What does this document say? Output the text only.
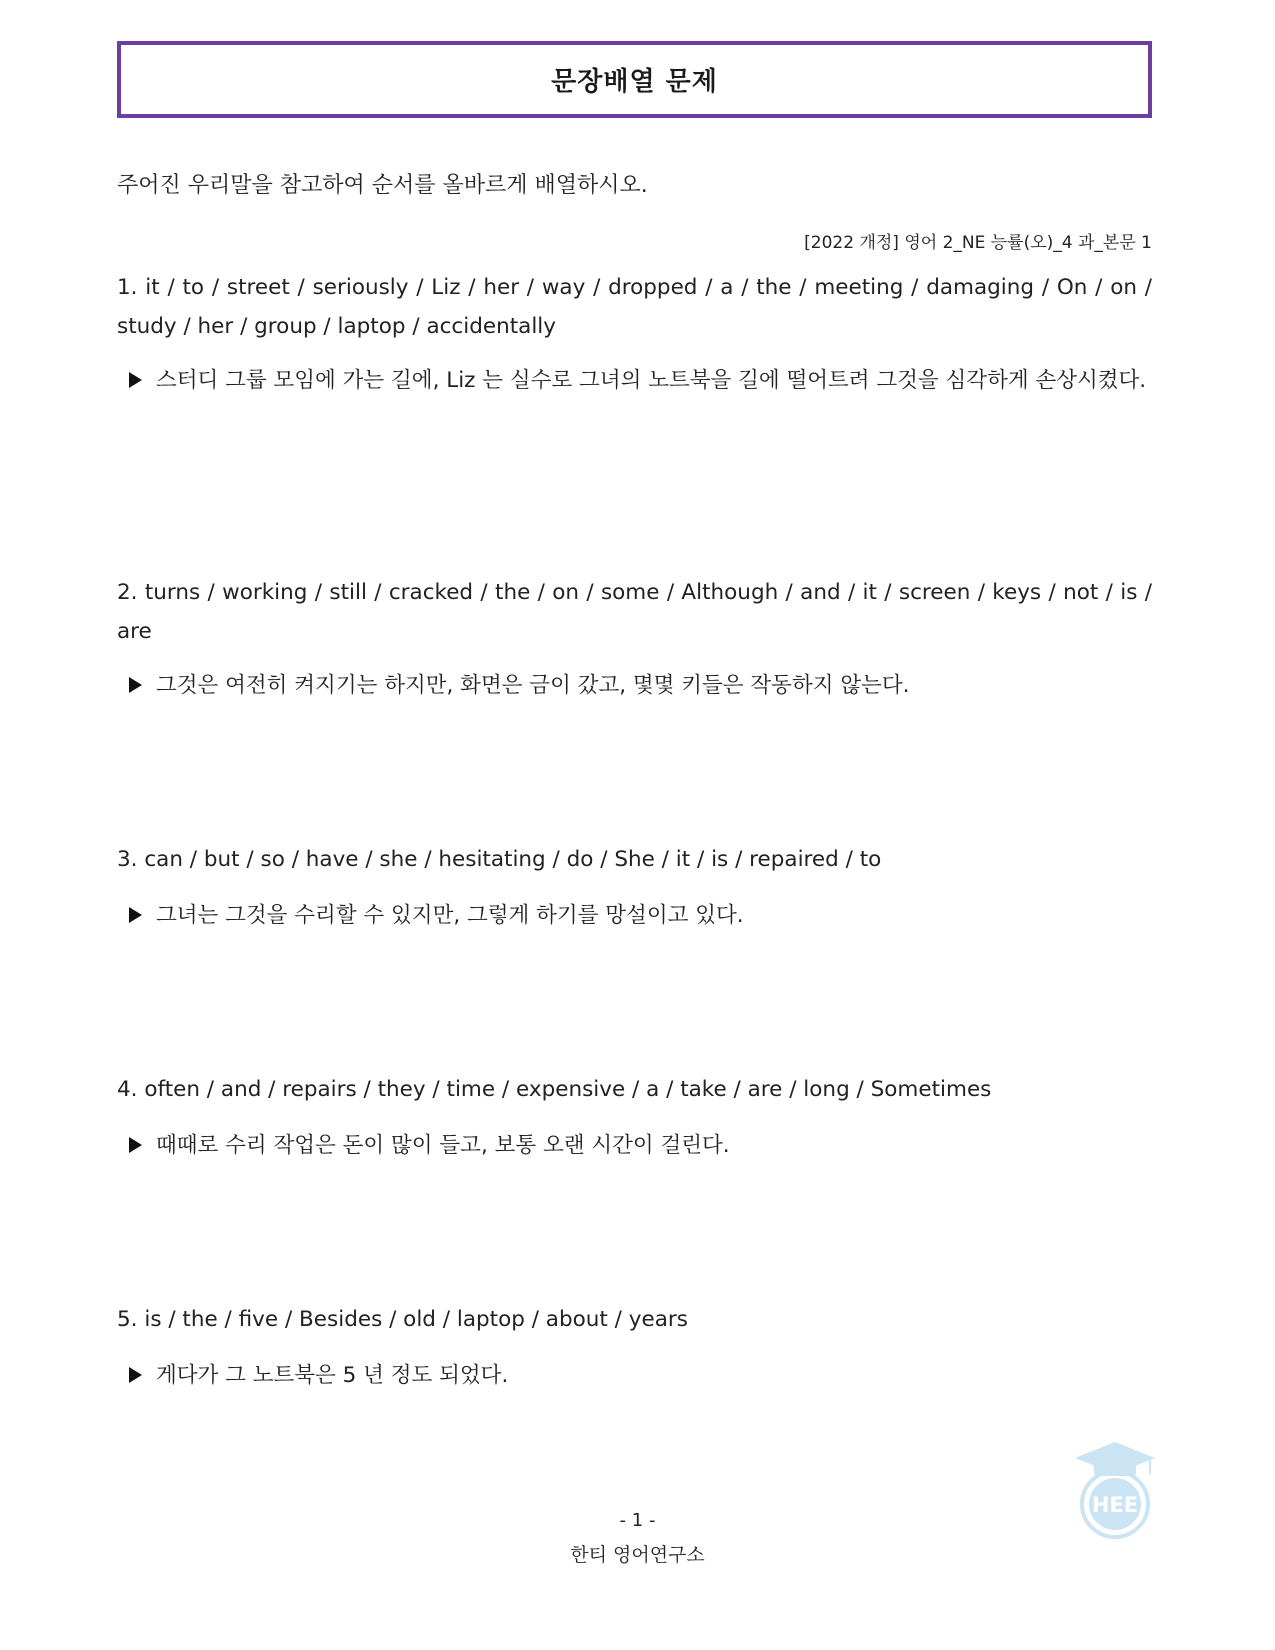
문장배열 문제
주어진 우리말을 참고하여 순서를 올바르게 배열하시오.
[2022 개정] 영어 2_NE 능률(오)_4 과_본문 1
1. it / to / street / seriously / Liz / her / way / dropped / a / the / meeting / damaging / On / on / study / her / group / laptop / accidentally
스터디 그룹 모임에 가는 길에, Liz 는 실수로 그녀의 노트북을 길에 떨어트려 그것을 심각하게 손상시켰다.
2. turns / working / still / cracked / the / on / some / Although / and / it / screen / keys / not / is / are
그것은 여전히 켜지기는 하지만, 화면은 금이 갔고, 몇몇 키들은 작동하지 않는다.
3. can / but / so / have / she / hesitating / do / She / it / is / repaired / to
그녀는 그것을 수리할 수 있지만, 그렇게 하기를 망설이고 있다.
4. often / and / repairs / they / time / expensive / a / take / are / long / Sometimes
때때로 수리 작업은 돈이 많이 들고, 보통 오랜 시간이 걸린다.
5. is / the / five / Besides / old / laptop / about / years
게다가 그 노트북은 5 년 정도 되었다.
HEE
- 1 -
한티 영어연구소
